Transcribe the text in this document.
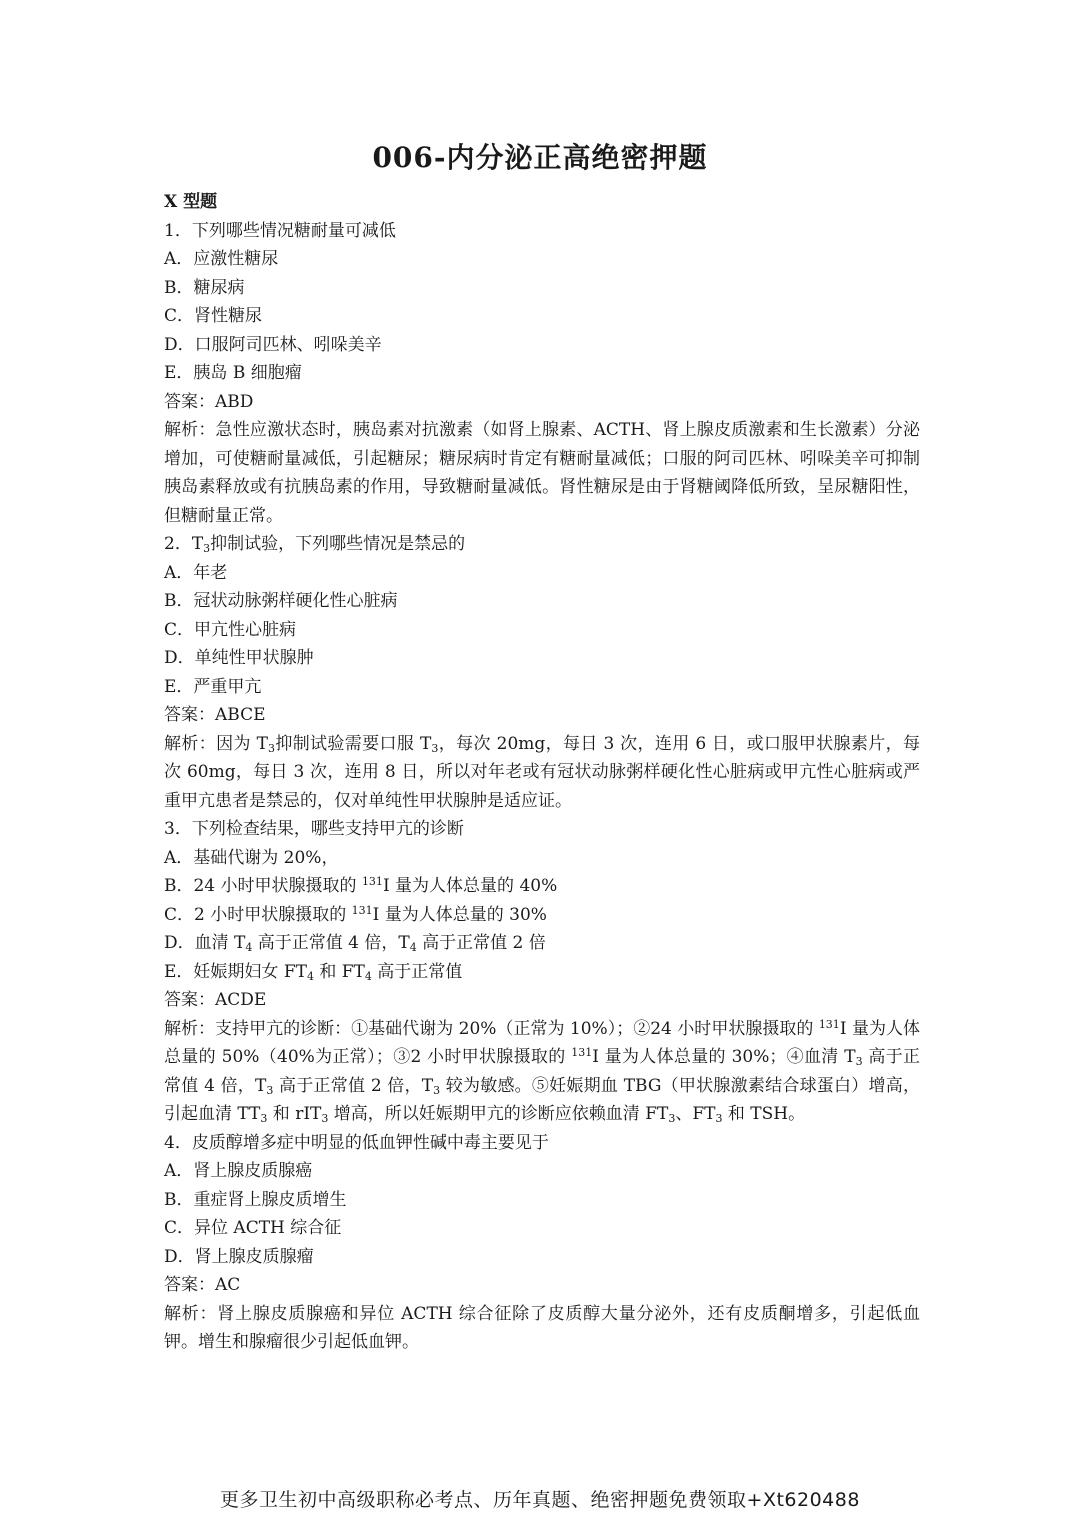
006-内分泌正高绝密押题

X 型题

1．下列哪些情况糖耐量可减低

A．应激性糖尿

B．糖尿病

C．肾性糖尿

D．口服阿司匹林、吲哚美辛

E．胰岛 B 细胞瘤

答案：ABD

解析：急性应激状态时，胰岛素对抗激素（如肾上腺素、ACTH、肾上腺皮质激素和生长激素）分泌增加，可使糖耐量减低，引起糖尿；糖尿病时肯定有糖耐量减低；口服的阿司匹林、吲哚美辛可抑制胰岛素释放或有抗胰岛素的作用，导致糖耐量减低。肾性糖尿是由于肾糖阈降低所致，呈尿糖阳性，但糖耐量正常。

2．$T_3$抑制试验，下列哪些情况是禁忌的

A．年老

B．冠状动脉粥样硬化性心脏病

C．甲亢性心脏病

D．单纯性甲状腺肿

E．严重甲亢

答案：ABCE

解析：因为 $T_3$抑制试验需要口服 $T_3$，每次 20mg，每日 3 次，连用 6 日，或口服甲状腺素片，每次 60mg，每日 3 次，连用 8 日，所以对年老或有冠状动脉粥样硬化性心脏病或甲亢性心脏病或严重甲亢患者是禁忌的，仅对单纯性甲状腺肿是适应证。

3．下列检查结果，哪些支持甲亢的诊断

A．基础代谢为 20%，

B．24 小时甲状腺摄取的 $^{131}$I 量为人体总量的 40%

C．2 小时甲状腺摄取的 $^{131}$I 量为人体总量的 30%

D．血清 $T_4$ 高于正常值 4 倍，$T_4$ 高于正常值 2 倍

E．妊娠期妇女 $FT_4$ 和 $FT_4$ 高于正常值

答案：ACDE

解析：支持甲亢的诊断：①基础代谢为 20%（正常为 10%）；②24 小时甲状腺摄取的 $^{131}$I 量为人体总量的 50%（40%为正常）；③2 小时甲状腺摄取的 $^{131}$I 量为人体总量的 30%；④血清 $T_3$ 高于正常值 4 倍，$T_3$ 高于正常值 2 倍，$T_3$ 较为敏感。⑤妊娠期血 TBG（甲状腺激素结合球蛋白）增高，引起血清 $TT_3$ 和 rIT$_3$ 增高，所以妊娠期甲亢的诊断应依赖血清 $FT_3$、$FT_3$ 和 TSH。

4．皮质醇增多症中明显的低血钾性碱中毒主要见于

A．肾上腺皮质腺癌

B．重症肾上腺皮质增生

C．异位 ACTH 综合征

D．肾上腺皮质腺瘤

答案：AC

解析：肾上腺皮质腺癌和异位 ACTH 综合征除了皮质醇大量分泌外，还有皮质酮增多，引起低血钾。增生和腺瘤很少引起低血钾。

更多卫生初中高级职称必考点、历年真题、绝密押题免费领取+Xt620488
